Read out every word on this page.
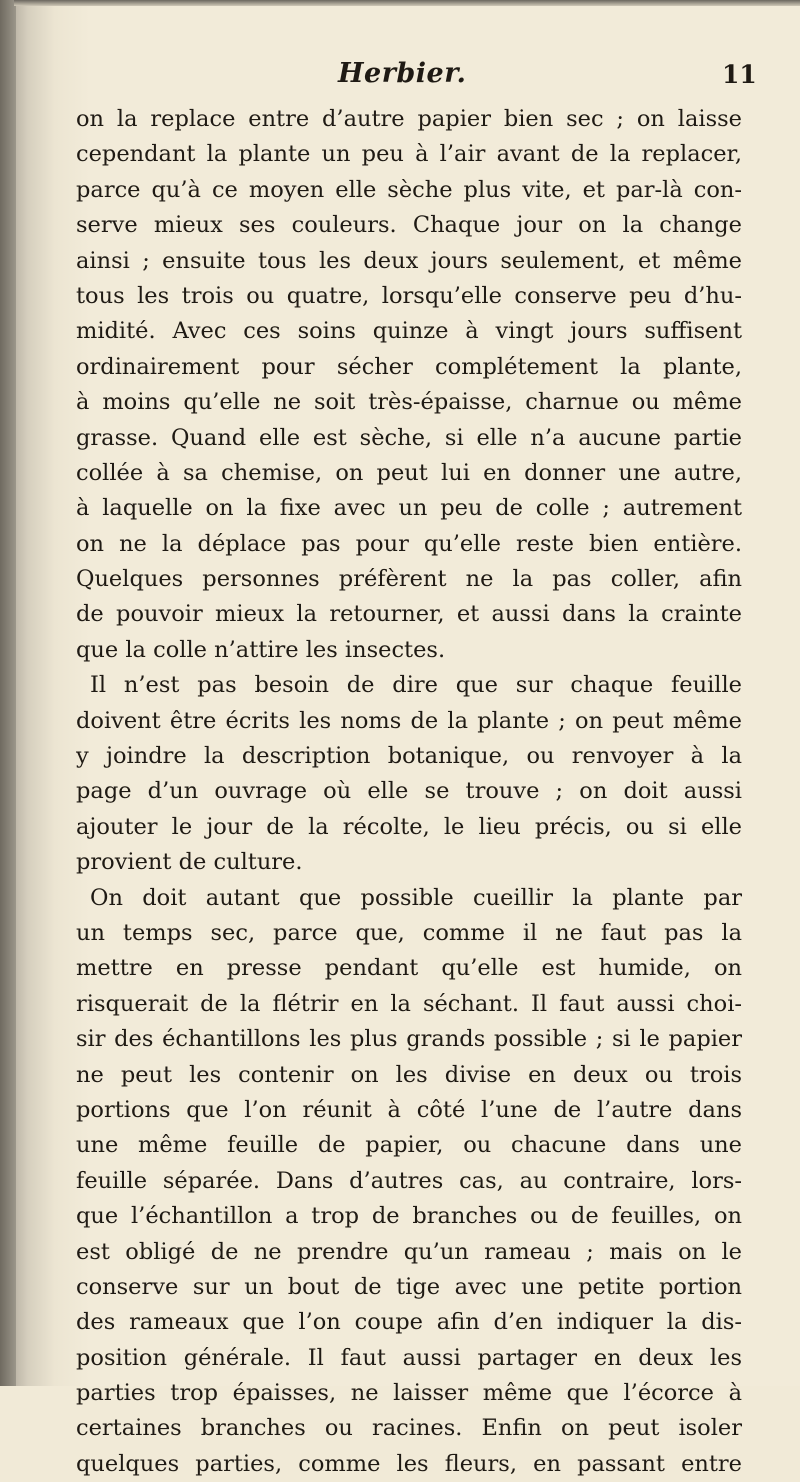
Herbier.	11
on la replace entre d’autre papier bien sec ; on laisse
cependant la plante un peu à l’air avant de la replacer,
parce qu’à ce moyen elle sèche plus vite, et par-là con-
serve mieux ses couleurs. Chaque jour on la change
ainsi ; ensuite tous les deux jours seulement, et même
tous les trois ou quatre, lorsqu’elle conserve peu d’hu-
midité. Avec ces soins quinze à vingt jours suffisent
ordinairement pour sécher complétement la plante,
à moins qu’elle ne soit très-épaisse, charnue ou même
grasse. Quand elle est sèche, si elle n’a aucune partie
collée à sa chemise, on peut lui en donner une autre,
à laquelle on la fixe avec un peu de colle ; autrement
on ne la déplace pas pour qu’elle reste bien entière.
Quelques personnes préfèrent ne la pas coller, afin
de pouvoir mieux la retourner, et aussi dans la crainte
que la colle n’attire les insectes.
Il n’est pas besoin de dire que sur chaque feuille
doivent être écrits les noms de la plante ; on peut même
y joindre la description botanique, ou renvoyer à la
page d’un ouvrage où elle se trouve ; on doit aussi
ajouter le jour de la récolte, le lieu précis, ou si elle
provient de culture.
On doit autant que possible cueillir la plante par
un temps sec, parce que, comme il ne faut pas la
mettre en presse pendant qu’elle est humide, on
risquerait de la flétrir en la séchant. Il faut aussi choi-
sir des échantillons les plus grands possible ; si le papier
ne peut les contenir on les divise en deux ou trois
portions que l’on réunit à côté l’une de l’autre dans
une même feuille de papier, ou chacune dans une
feuille séparée. Dans d’autres cas, au contraire, lors-
que l’échantillon a trop de branches ou de feuilles, on
est obligé de ne prendre qu’un rameau ; mais on le
conserve sur un bout de tige avec une petite portion
des rameaux que l’on coupe afin d’en indiquer la dis-
position générale. Il faut aussi partager en deux les
parties trop épaisses, ne laisser même que l’écorce à
certaines branches ou racines. Enfin on peut isoler
quelques parties, comme les fleurs, en passant entre
